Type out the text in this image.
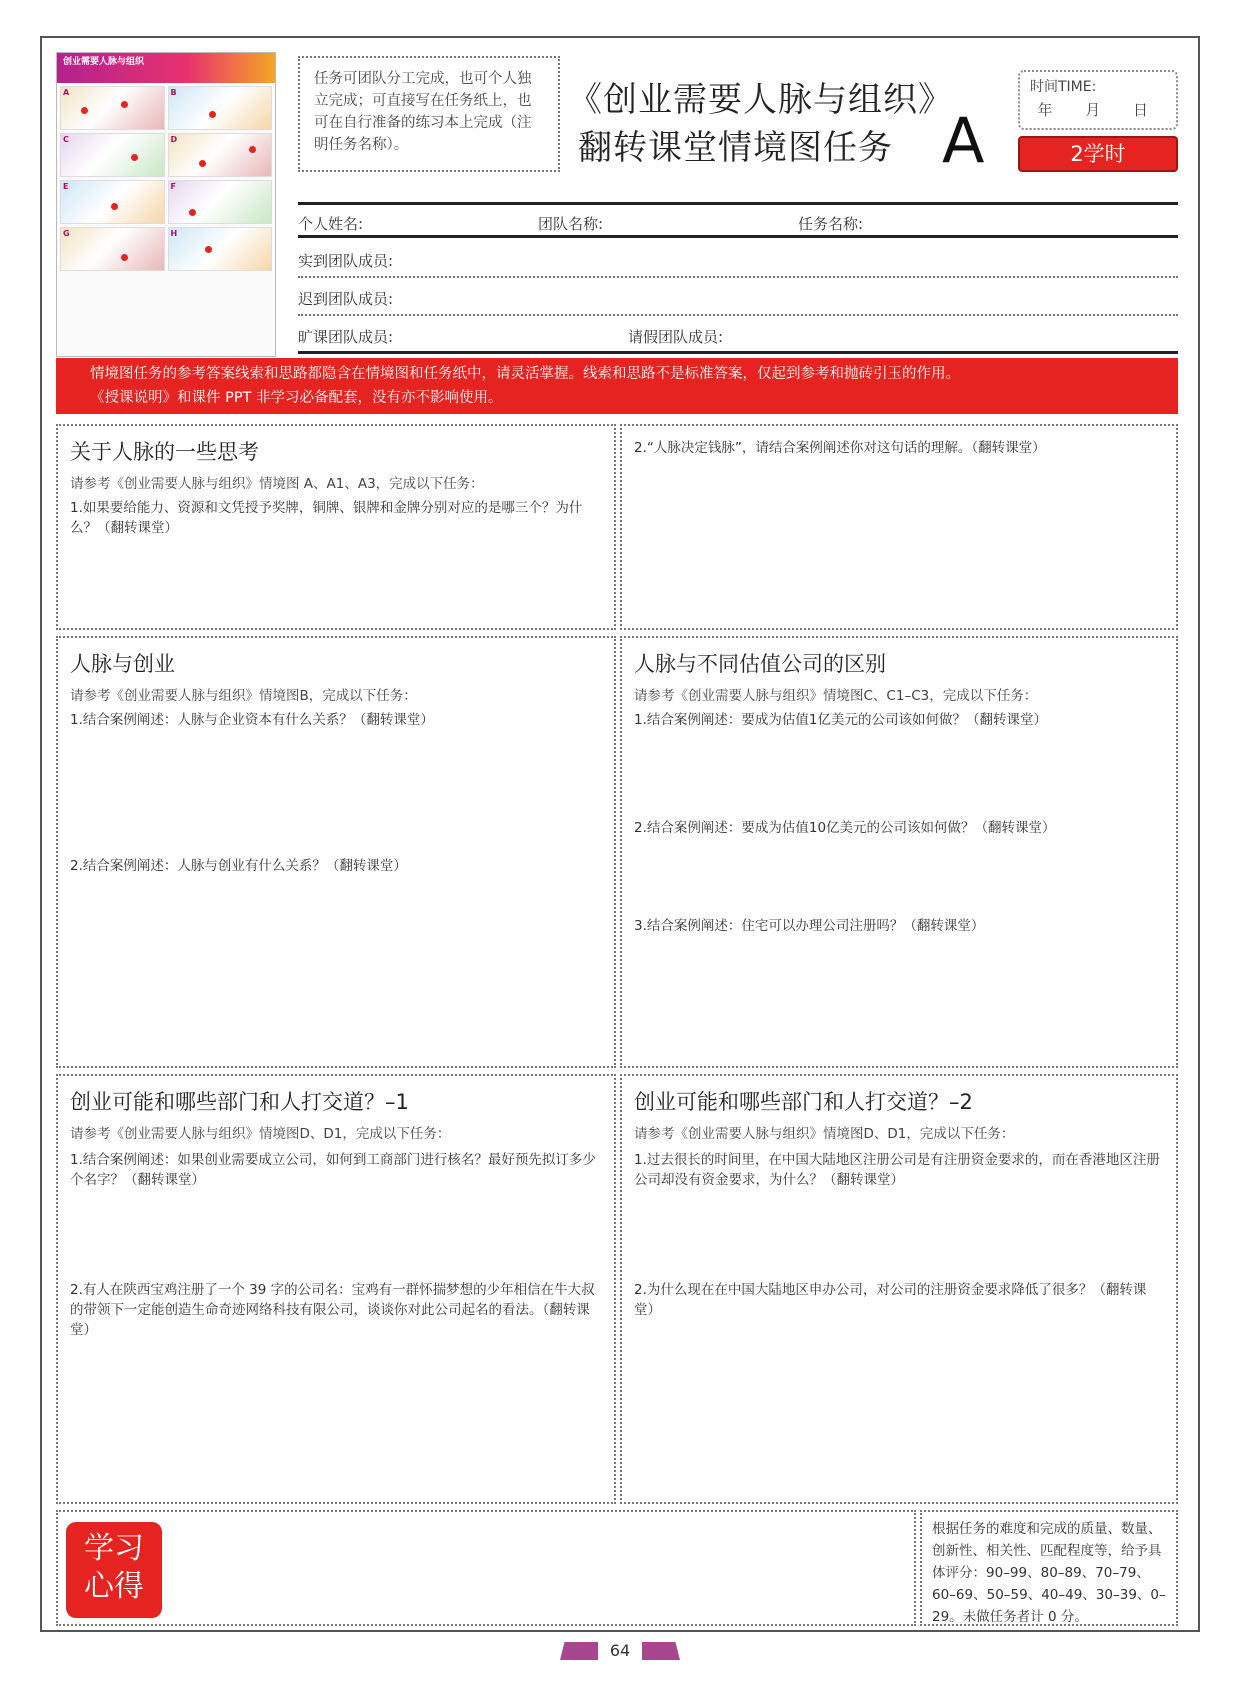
创业需要人脉与组织
A	B
C	D
E	F
G	H
任务可团队分工完成，也可个人独立完成；可直接写在任务纸上，也可在自行准备的练习本上完成（注明任务名称）。
《创业需要人脉与组织》
翻转课堂情境图任务 A
时间TIME:
年 月 日
2学时
个人姓名:	团队名称:	任务名称:
实到团队成员:
迟到团队成员:
旷课团队成员:	请假团队成员:
情境图任务的参考答案线索和思路都隐含在情境图和任务纸中，请灵活掌握。线索和思路不是标准答案，仅起到参考和抛砖引玉的作用。
《授课说明》和课件 PPT 非学习必备配套，没有亦不影响使用。
关于人脉的一些思考
请参考《创业需要人脉与组织》情境图 A、A1、A3，完成以下任务：
1.如果要给能力、资源和文凭授予奖牌，铜牌、银牌和金牌分别对应的是哪三个？为什么？（翻转课堂）
2.“人脉决定钱脉”，请结合案例阐述你对这句话的理解。（翻转课堂）
人脉与创业
请参考《创业需要人脉与组织》情境图B，完成以下任务：
1.结合案例阐述：人脉与企业资本有什么关系？（翻转课堂）
2.结合案例阐述：人脉与创业有什么关系？（翻转课堂）
人脉与不同估值公司的区别
请参考《创业需要人脉与组织》情境图C、C1–C3，完成以下任务：
1.结合案例阐述：要成为估值1亿美元的公司该如何做？（翻转课堂）
2.结合案例阐述：要成为估值10亿美元的公司该如何做？（翻转课堂）
3.结合案例阐述：住宅可以办理公司注册吗？（翻转课堂）
创业可能和哪些部门和人打交道？–1
请参考《创业需要人脉与组织》情境图D、D1，完成以下任务：
1.结合案例阐述：如果创业需要成立公司，如何到工商部门进行核名？最好预先拟订多少个名字？（翻转课堂）
2.有人在陕西宝鸡注册了一个 39 字的公司名：宝鸡有一群怀揣梦想的少年相信在牛大叔的带领下一定能创造生命奇迹网络科技有限公司，谈谈你对此公司起名的看法。（翻转课堂）
创业可能和哪些部门和人打交道？–2
请参考《创业需要人脉与组织》情境图D、D1，完成以下任务：
1.过去很长的时间里，在中国大陆地区注册公司是有注册资金要求的，而在香港地区注册公司却没有资金要求，为什么？（翻转课堂）
2.为什么现在在中国大陆地区申办公司，对公司的注册资金要求降低了很多？（翻转课堂）
学习
心得
根据任务的难度和完成的质量、数量、创新性、相关性、匹配程度等，给予具体评分：90–99、80–89、70–79、60–69、50–59、40–49、30–39、0–29。未做任务者计 0 分。
64
